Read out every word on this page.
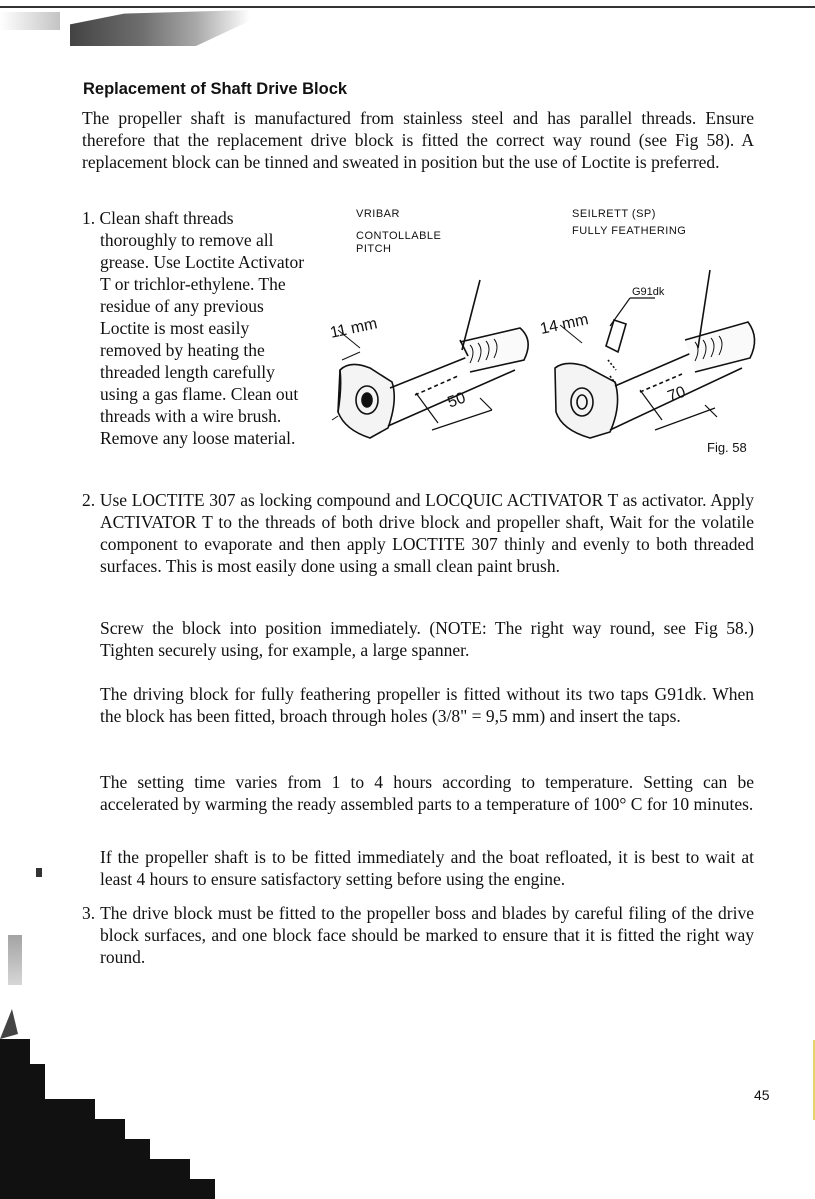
Replacement of Shaft Drive Block
The propeller shaft is manufactured from stainless steel and has parallel threads. Ensure therefore that the replacement drive block is fitted the correct way round (see Fig 58). A replacement block can be tinned and sweated in position but the use of Loctite is preferred.
1. Clean shaft threads thoroughly to remove all grease. Use Loctite Activator T or trichlor-ethylene. The residue of any previous Loctite is most easily removed by heating the threaded length carefully using a gas flame. Clean out threads with a wire brush. Remove any loose material.
VRIBAR
CONTOLLABLE
PITCH
SEILRETT (SP)
FULLY FEATHERING
11 mm	14 mm
50	70
G91dk
Fig. 58
2. Use LOCTITE 307 as locking compound and LOCQUIC ACTIVATOR T as activator. Apply ACTIVATOR T to the threads of both drive block and propeller shaft, Wait for the volatile component to evaporate and then apply LOCTITE 307 thinly and evenly to both threaded surfaces. This is most easily done using a small clean paint brush.
Screw the block into position immediately. (NOTE: The right way round, see Fig 58.) Tighten securely using, for example, a large spanner.
The driving block for fully feathering propeller is fitted without its two taps G91dk. When the block has been fitted, broach through holes (3/8" = 9,5 mm) and insert the taps.
The setting time varies from 1 to 4 hours according to temperature. Setting can be accelerated by warming the ready assembled parts to a temperature of 100° C for 10 minutes.
If the propeller shaft is to be fitted immediately and the boat refloated, it is best to wait at least 4 hours to ensure satisfactory setting before using the engine.
3. The drive block must be fitted to the propeller boss and blades by careful filing of the drive block surfaces, and one block face should be marked to ensure that it is fitted the right way round.
45
